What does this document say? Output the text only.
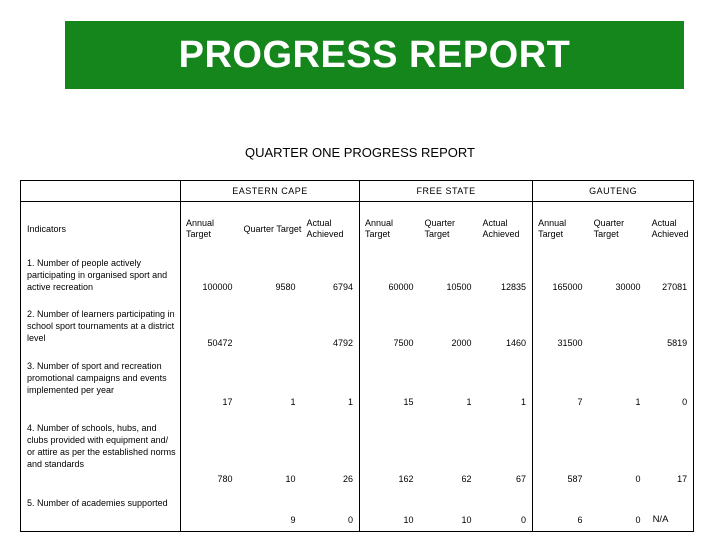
PROGRESS REPORT
QUARTER ONE PROGRESS REPORT
	EASTERN CAPE			FREE STATE			GAUTENG		
Indicators	Annual Target	Quarter Target	Actual Achieved	Annual Target	Quarter Target	Actual Achieved	Annual Target	Quarter Target	Actual Achieved
1. Number of people actively participating in organised sport and active recreation	100000	9580	6794	60000	10500	12835	165000	30000	27081
2. Number of learners participating in school sport tournaments at a district level	50472		4792	7500	2000	1460	31500		5819
3. Number of sport and recreation promotional campaigns and events implemented per year	17	1	1	15	1	1	7	1	0
4. Number of schools, hubs, and clubs provided with equipment and/ or attire as per the established norms and standards	780	10	26	162	62	67	587	0	17
5. Number of academies supported		9	0	10	10	0	6	0	N/A
